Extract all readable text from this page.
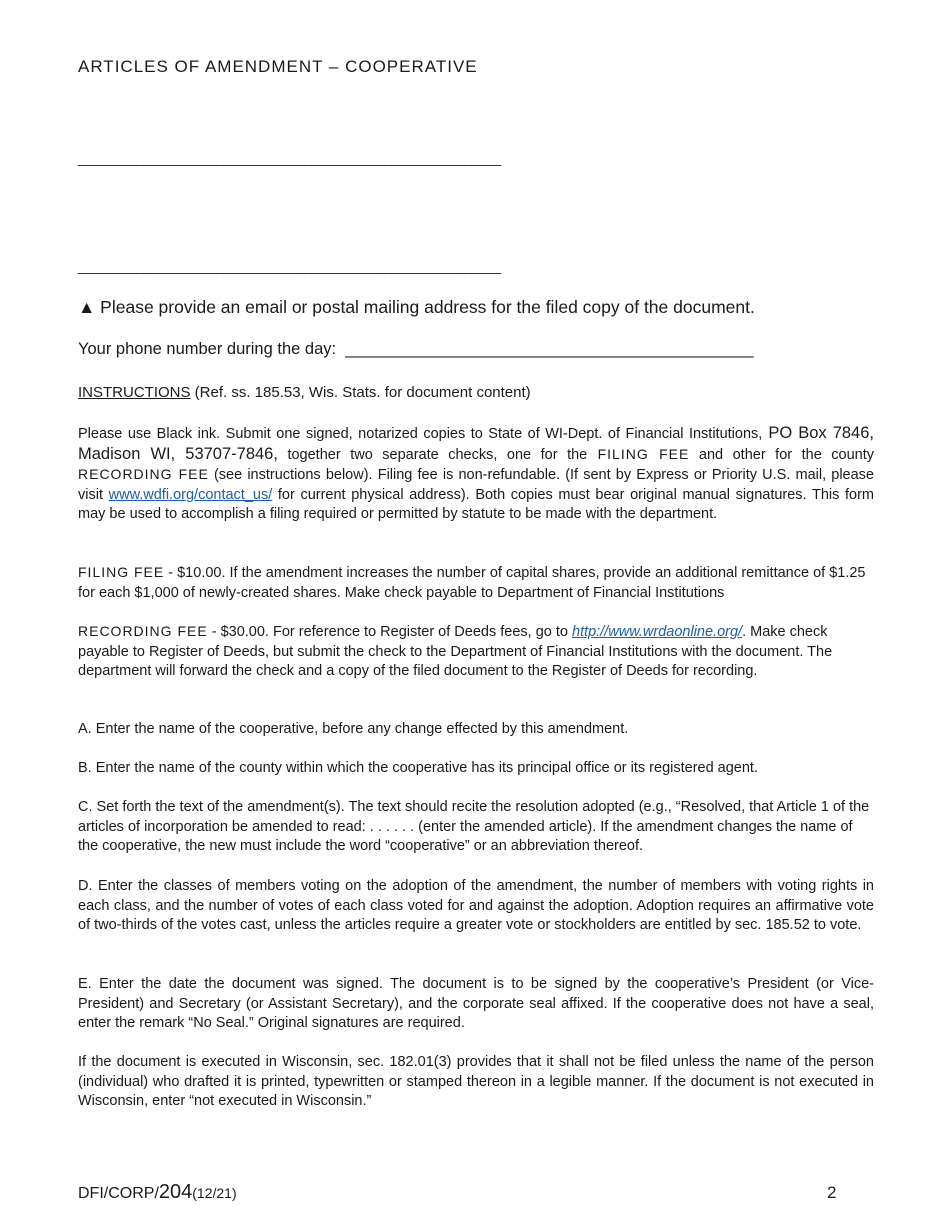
ARTICLES OF AMENDMENT – COOPERATIVE
__________________________________________________________
__________________________________________________________
▲ Please provide an email or postal mailing address for the filed copy of the document.
Your phone number during the day: _______________________________________________
INSTRUCTIONS (Ref. ss. 185.53, Wis. Stats. for document content)
Please use Black ink. Submit one signed, notarized copies to State of WI-Dept. of Financial Institutions, PO Box 7846, Madison WI, 53707-7846, together two separate checks, one for the FILING FEE and other for the county RECORDING FEE (see instructions below). Filing fee is non-refundable. (If sent by Express or Priority U.S. mail, please visit www.wdfi.org/contact_us/ for current physical address). Both copies must bear original manual signatures. This form may be used to accomplish a filing required or permitted by statute to be made with the department.
FILING FEE - $10.00. If the amendment increases the number of capital shares, provide an additional remittance of $1.25 for each $1,000 of newly-created shares. Make check payable to Department of Financial Institutions
RECORDING FEE - $30.00. For reference to Register of Deeds fees, go to http://www.wrdaonline.org/. Make check payable to Register of Deeds, but submit the check to the Department of Financial Institutions with the document. The department will forward the check and a copy of the filed document to the Register of Deeds for recording.
A. Enter the name of the cooperative, before any change effected by this amendment.
B. Enter the name of the county within which the cooperative has its principal office or its registered agent.
C. Set forth the text of the amendment(s). The text should recite the resolution adopted (e.g., “Resolved, that Article 1 of the articles of incorporation be amended to read: . . . . . . (enter the amended article). If the amendment changes the name of the cooperative, the new must include the word “cooperative” or an abbreviation thereof.
D. Enter the classes of members voting on the adoption of the amendment, the number of members with voting rights in each class, and the number of votes of each class voted for and against the adoption. Adoption requires an affirmative vote of two-thirds of the votes cast, unless the articles require a greater vote or stockholders are entitled by sec. 185.52 to vote.
E. Enter the date the document was signed. The document is to be signed by the cooperative’s President (or Vice-President) and Secretary (or Assistant Secretary), and the corporate seal affixed. If the cooperative does not have a seal, enter the remark “No Seal.” Original signatures are required.
If the document is executed in Wisconsin, sec. 182.01(3) provides that it shall not be filed unless the name of the person (individual) who drafted it is printed, typewritten or stamped thereon in a legible manner. If the document is not executed in Wisconsin, enter “not executed in Wisconsin.”
DFI/CORP/204(12/21)	2
